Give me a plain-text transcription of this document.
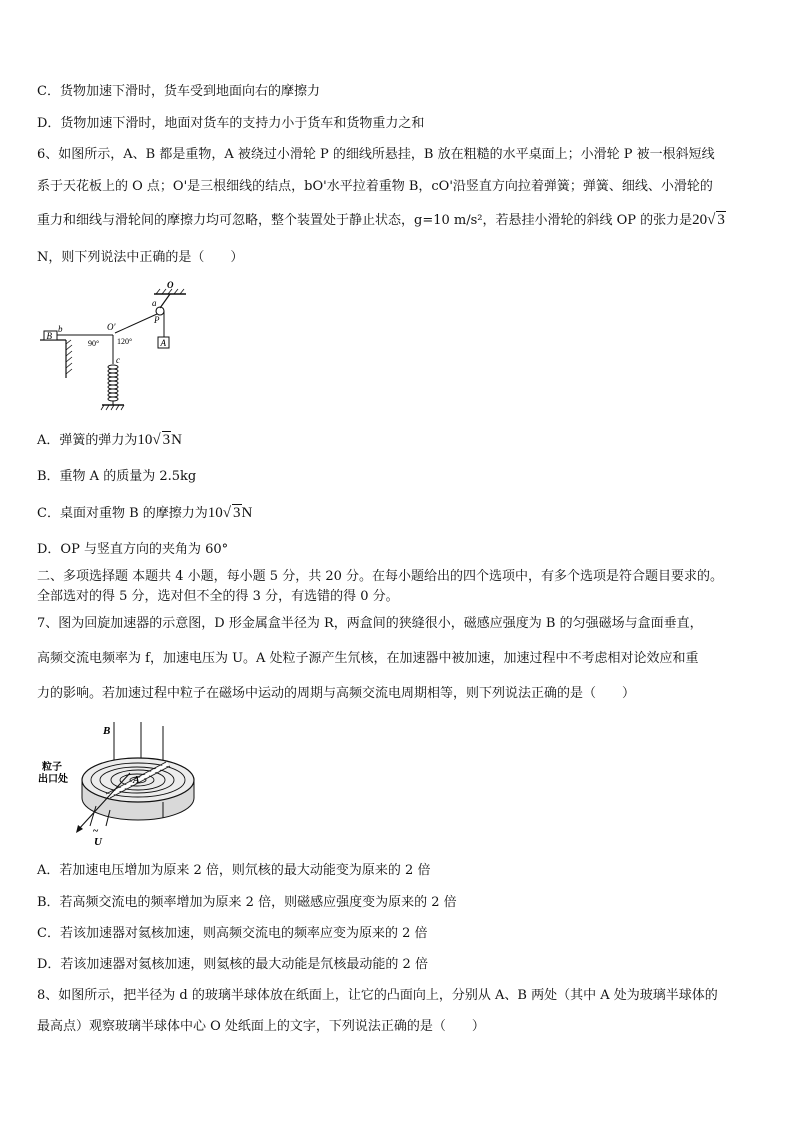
C．货物加速下滑时，货车受到地面向右的摩擦力
D．货物加速下滑时，地面对货车的支持力小于货车和货物重力之和
6、如图所示，A、B 都是重物，A 被绕过小滑轮 P 的细线所悬挂，B 放在粗糙的水平桌面上；小滑轮 P 被一根斜短线
系于天花板上的 O 点；O'是三根细线的结点，bO'水平拉着重物 B，cO'沿竖直方向拉着弹簧；弹簧、细线、小滑轮的
重力和细线与滑轮间的摩擦力均可忽略，整个装置处于静止状态，g=10 m/s²，若悬挂小滑轮的斜线 OP 的张力是20√ 3
N，则下列说法中正确的是（　　）
O
a
P
A
B
b	O'
90° 120°
c
A．弹簧的弹力为10√ 3N
B．重物 A 的质量为 2.5kg
C．桌面对重物 B 的摩擦力为10√ 3N
D．OP 与竖直方向的夹角为 60°
二、多项选择题 本题共 4 小题，每小题 5 分，共 20 分。在每小题给出的四个选项中，有多个选项是符合题目要求的。
全部选对的得 5 分，选对但不全的得 3 分，有选错的得 0 分。
7、图为回旋加速器的示意图，D 形金属盒半径为 R，两盒间的狭缝很小，磁感应强度为 B 的匀强磁场与盒面垂直，
高频交流电频率为 f，加速电压为 U。A 处粒子源产生氘核，在加速器中被加速，加速过程中不考虑相对论效应和重
力的影响。若加速过程中粒子在磁场中运动的周期与高频交流电周期相等，则下列说法正确的是（　　）
B
A
粒子
出口处
~
U
A．若加速电压增加为原来 2 倍，则氘核的最大动能变为原来的 2 倍
B．若高频交流电的频率增加为原来 2 倍，则磁感应强度变为原来的 2 倍
C．若该加速器对氦核加速，则高频交流电的频率应变为原来的 2 倍
D．若该加速器对氦核加速，则氦核的最大动能是氘核最动能的 2 倍
8、如图所示，把半径为 d 的玻璃半球体放在纸面上，让它的凸面向上，分别从 A、B 两处（其中 A 处为玻璃半球体的
最高点）观察玻璃半球体中心 O 处纸面上的文字，下列说法正确的是（　　）
